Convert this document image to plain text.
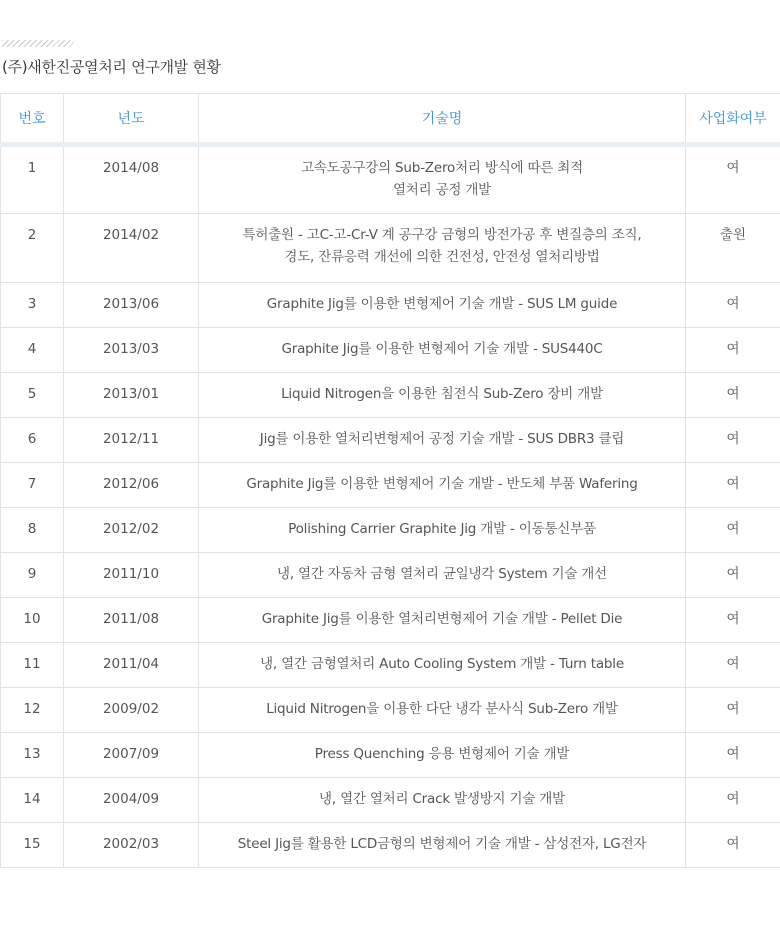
(주)새한진공열처리 연구개발 현황
번호	년도	기술명	사업화여부

1	2014/08	고속도공구강의 Sub-Zero처리 방식에 따른 최적
열처리 공정 개발	여

2	2014/02	특허출원 - 고C-고-Cr-V 계 공구강 금형의 방전가공 후 변질층의 조직,
경도, 잔류응력 개선에 의한 건전성, 안전성 열처리방법	출원

3	2013/06	Graphite Jig를 이용한 변형제어 기술 개발 - SUS LM guide	여

4	2013/03	Graphite Jig를 이용한 변형제어 기술 개발 - SUS440C	여

5	2013/01	Liquid Nitrogen을 이용한 침전식 Sub-Zero 장비 개발	여

6	2012/11	Jig를 이용한 열처리변형제어 공정 기술 개발 - SUS DBR3 클립	여

7	2012/06	Graphite Jig를 이용한 변형제어 기술 개발 - 반도체 부품 Wafering	여

8	2012/02	Polishing Carrier Graphite Jig 개발 - 이동통신부품	여

9	2011/10	냉, 열간 자동차 금형 열처리 균일냉각 System 기술 개선	여

10	2011/08	Graphite Jig를 이용한 열처리변형제어 기술 개발 - Pellet Die	여

11	2011/04	냉, 열간 금형열처리 Auto Cooling System 개발 - Turn table	여

12	2009/02	Liquid Nitrogen을 이용한 다단 냉각 분사식 Sub-Zero 개발	여

13	2007/09	Press Quenching 응용 변형제어 기술 개발	여

14	2004/09	냉, 열간 열처리 Crack 발생방지 기술 개발	여

15	2002/03	Steel Jig를 활용한 LCD금형의 변형제어 기술 개발 - 삼성전자, LG전자	여
